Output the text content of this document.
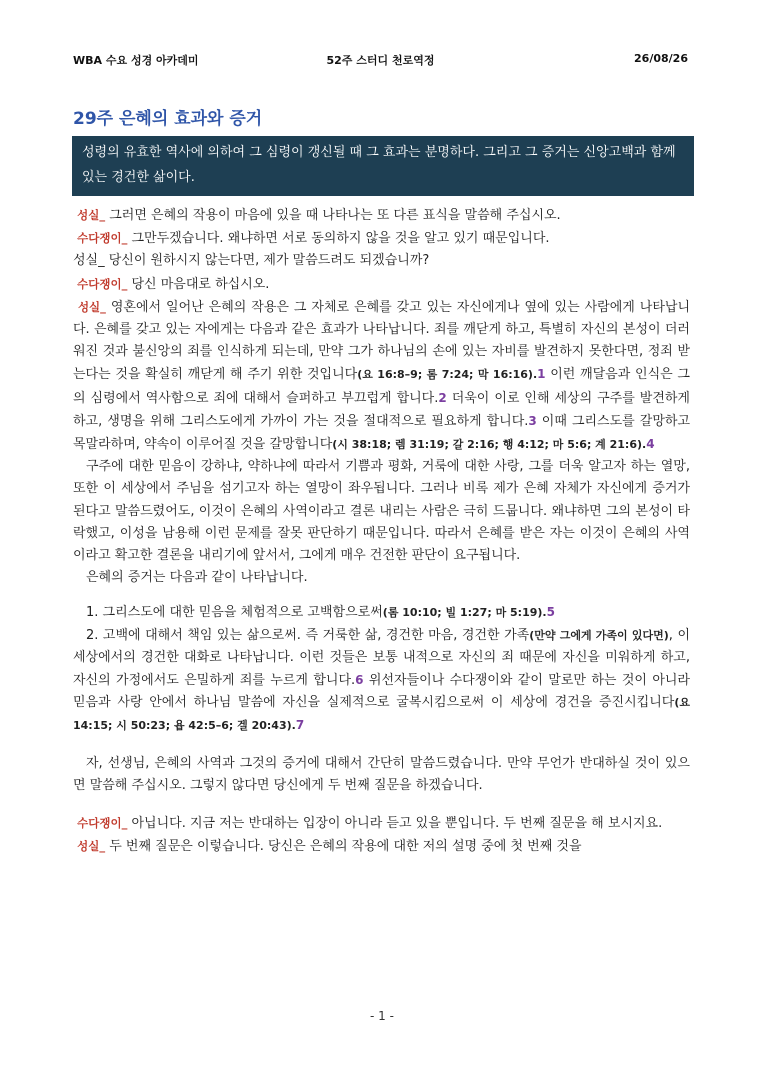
WBA 수요 성경 아카데미	52주 스터디 천로역정	26/08/26
29주 은혜의 효과와 증거
성령의 유효한 역사에 의하여 그 심령이 갱신될 때 그 효과는 분명하다. 그리고 그 증거는 신앙고백과 함께 있는 경건한 삶이다.

성실_ 그러면 은혜의 작용이 마음에 있을 때 나타나는 또 다른 표식을 말씀해 주십시오.

수다쟁이_ 그만두겠습니다. 왜냐하면 서로 동의하지 않을 것을 알고 있기 때문입니다.

성실_ 당신이 원하시지 않는다면, 제가 말씀드려도 되겠습니까?

수다쟁이_ 당신 마음대로 하십시오.

성실_ 영혼에서 일어난 은혜의 작용은 그 자체로 은혜를 갖고 있는 자신에게나 옆에 있는 사람에게 나타납니다. 은혜를 갖고 있는 자에게는 다음과 같은 효과가 나타납니다. 죄를 깨닫게 하고, 특별히 자신의 본성이 더러워진 것과 불신앙의 죄를 인식하게 되는데, 만약 그가 하나님의 손에 있는 자비를 발견하지 못한다면, 정죄 받는다는 것을 확실히 깨닫게 해 주기 위한 것입니다(요 16:8–9; 롬 7:24; 막 16:16).1 이런 깨달음과 인식은 그의 심령에서 역사함으로 죄에 대해서 슬퍼하고 부끄럽게 합니다.2 더욱이 이로 인해 세상의 구주를 발견하게 하고, 생명을 위해 그리스도에게 가까이 가는 것을 절대적으로 필요하게 합니다.3 이때 그리스도를 갈망하고 목말라하며, 약속이 이루어질 것을 갈망합니다(시 38:18; 렘 31:19; 갈 2:16; 행 4:12; 마 5:6; 계 21:6).4

구주에 대한 믿음이 강하냐, 약하냐에 따라서 기쁨과 평화, 거룩에 대한 사랑, 그를 더욱 알고자 하는 열망, 또한 이 세상에서 주님을 섬기고자 하는 열망이 좌우됩니다. 그러나 비록 제가 은혜 자체가 자신에게 증거가 된다고 말씀드렸어도, 이것이 은혜의 사역이라고 결론 내리는 사람은 극히 드뭅니다. 왜냐하면 그의 본성이 타락했고, 이성을 남용해 이런 문제를 잘못 판단하기 때문입니다. 따라서 은혜를 받은 자는 이것이 은혜의 사역이라고 확고한 결론을 내리기에 앞서서, 그에게 매우 건전한 판단이 요구됩니다.

은혜의 증거는 다음과 같이 나타납니다.

1. 그리스도에 대한 믿음을 체험적으로 고백함으로써(롬 10:10; 빌 1:27; 마 5:19).5

2. 고백에 대해서 책임 있는 삶으로써. 즉 거룩한 삶, 경건한 마음, 경건한 가족(만약 그에게 가족이 있다면), 이 세상에서의 경건한 대화로 나타납니다. 이런 것들은 보통 내적으로 자신의 죄 때문에 자신을 미워하게 하고, 자신의 가정에서도 은밀하게 죄를 누르게 합니다.6 위선자들이나 수다쟁이와 같이 말로만 하는 것이 아니라 믿음과 사랑 안에서 하나님 말씀에 자신을 실제적으로 굴복시킴으로써 이 세상에 경건을 증진시킵니다(요 14:15; 시 50:23; 욥 42:5–6; 겔 20:43).7

자, 선생님, 은혜의 사역과 그것의 증거에 대해서 간단히 말씀드렸습니다. 만약 무언가 반대하실 것이 있으면 말씀해 주십시오. 그렇지 않다면 당신에게 두 번째 질문을 하겠습니다.

수다쟁이_ 아닙니다. 지금 저는 반대하는 입장이 아니라 듣고 있을 뿐입니다. 두 번째 질문을 해 보시지요.

성실_ 두 번째 질문은 이렇습니다. 당신은 은혜의 작용에 대한 저의 설명 중에 첫 번째 것을

- 1 -
